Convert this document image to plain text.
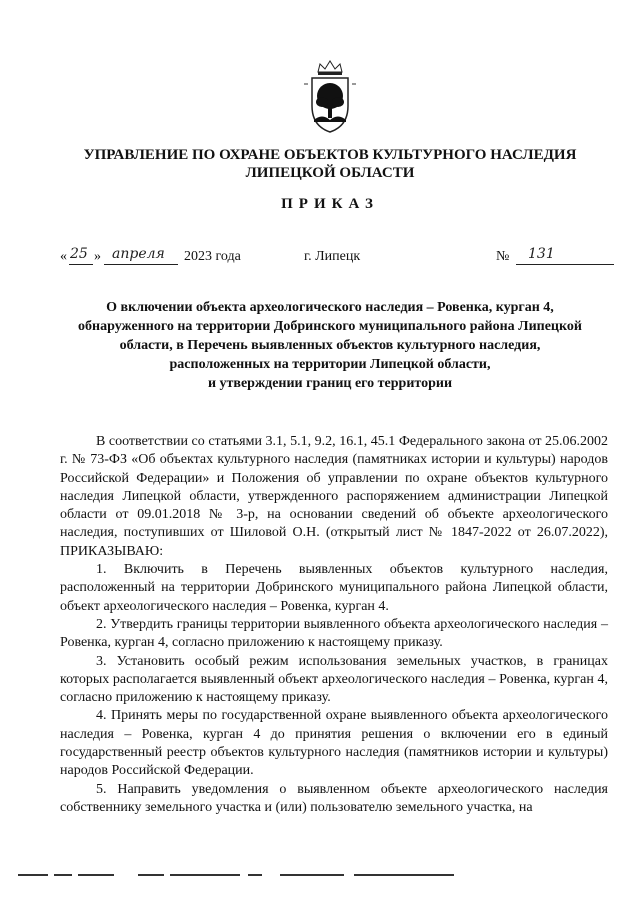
УПРАВЛЕНИЕ ПО ОХРАНЕ ОБЪЕКТОВ КУЛЬТУРНОГО НАСЛЕДИЯ
ЛИПЕЦКОЙ ОБЛАСТИ
ПРИКАЗ
« 25 » апреля 2023 года	г. Липецк	№ 131
О включении объекта археологического наследия – Ровенка, курган 4,
обнаруженного на территории Добринского муниципального района Липецкой
области, в Перечень выявленных объектов культурного наследия,
расположенных на территории Липецкой области,
и утверждении границ его территории

В соответствии со статьями 3.1, 5.1, 9.2, 16.1, 45.1 Федерального закона от 25.06.2002 г. № 73-ФЗ «Об объектах культурного наследия (памятниках истории и культуры) народов Российской Федерации» и Положения об управлении по охране объектов культурного наследия Липецкой области, утвержденного распоряжением администрации Липецкой области от 09.01.2018 № 3-р, на основании сведений об объекте археологического наследия, поступивших от Шиловой О.Н. (открытый лист № 1847-2022 от 26.07.2022), ПРИКАЗЫВАЮ:

1. Включить в Перечень выявленных объектов культурного наследия, расположенный на территории Добринского муниципального района Липецкой области, объект археологического наследия – Ровенка, курган 4.

2. Утвердить границы территории выявленного объекта археологического наследия – Ровенка, курган 4, согласно приложению к настоящему приказу.

3. Установить особый режим использования земельных участков, в границах которых располагается выявленный объект археологического наследия – Ровенка, курган 4, согласно приложению к настоящему приказу.

4. Принять меры по государственной охране выявленного объекта археологического наследия – Ровенка, курган 4 до принятия решения о включении его в единый государственный реестр объектов культурного наследия (памятников истории и культуры) народов Российской Федерации.

5. Направить уведомления о выявленном объекте археологического наследия собственнику земельного участка и (или) пользователю земельного участка, на
